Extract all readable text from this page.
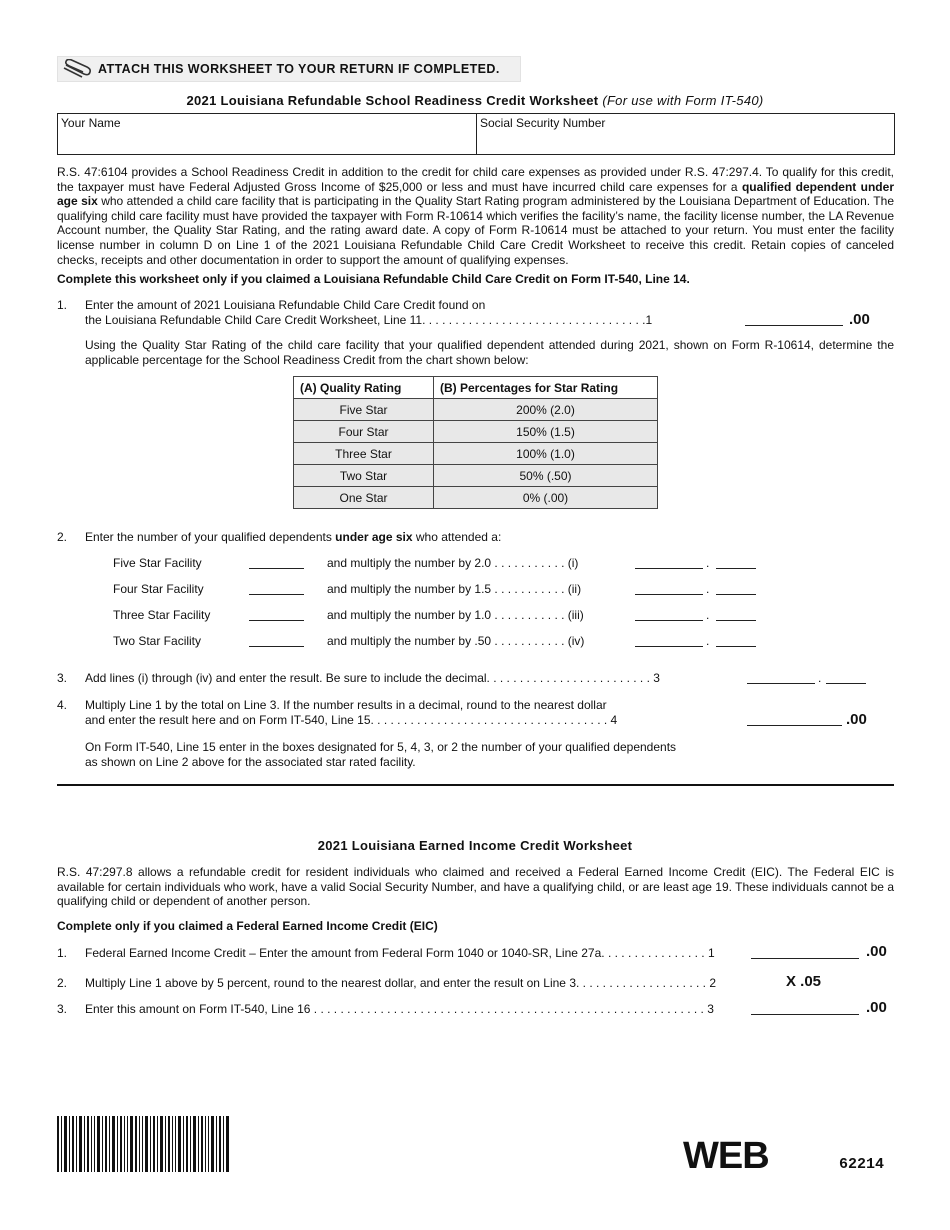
ATTACH THIS WORKSHEET TO YOUR RETURN IF COMPLETED.
2021 Louisiana Refundable School Readiness Credit Worksheet (For use with Form IT-540)
Your Name	Social Security Number
R.S. 47:6104 provides a School Readiness Credit in addition to the credit for child care expenses as provided under R.S. 47:297.4. To qualify for this credit, the taxpayer must have Federal Adjusted Gross Income of $25,000 or less and must have incurred child care expenses for a qualified dependent under age six who attended a child care facility that is participating in the Quality Start Rating program administered by the Louisiana Department of Education. The qualifying child care facility must have provided the taxpayer with Form R-10614 which verifies the facility’s name, the facility license number, the LA Revenue Account number, the Quality Star Rating, and the rating award date. A copy of Form R-10614 must be attached to your return. You must enter the facility license number in column D on Line 1 of the 2021 Louisiana Refundable Child Care Credit Worksheet to receive this credit. Retain copies of canceled checks, receipts and other documentation in order to support the amount of qualifying expenses.
Complete this worksheet only if you claimed a Louisiana Refundable Child Care Credit on Form IT-540, Line 14.
1. Enter the amount of 2021 Louisiana Refundable Child Care Credit found on
the Louisiana Refundable Child Care Credit Worksheet, Line 11. . . . . . . . . . . . . . . . . . . . . . . . . . . . . . . . . .1	.00
Using the Quality Star Rating of the child care facility that your qualified dependent attended during 2021, shown on Form R-10614, determine the applicable percentage for the School Readiness Credit from the chart shown below:
(A) Quality Rating	(B) Percentages for Star Rating
Five Star	200% (2.0)
Four Star	150% (1.5)
Three Star	100% (1.0)
Two Star	50% (.50)
One Star	0% (.00)
2. Enter the number of your qualified dependents under age six who attended a:
Five Star Facility	and multiply the number by 2.0 . . . . . . . . . . . (i)	.
Four Star Facility	and multiply the number by 1.5 . . . . . . . . . . . (ii)	.
Three Star Facility	and multiply the number by 1.0 . . . . . . . . . . . (iii)	.
Two Star Facility	and multiply the number by .50 . . . . . . . . . . . (iv)	.
3. Add lines (i) through (iv) and enter the result. Be sure to include the decimal. . . . . . . . . . . . . . . . . . . . . . . . . 3	.
4. Multiply Line 1 by the total on Line 3. If the number results in a decimal, round to the nearest dollar
and enter the result here and on Form IT-540, Line 15. . . . . . . . . . . . . . . . . . . . . . . . . . . . . . . . . . . . 4	.00
On Form IT-540, Line 15 enter in the boxes designated for 5, 4, 3, or 2 the number of your qualified dependents
as shown on Line 2 above for the associated star rated facility.
2021 Louisiana Earned Income Credit Worksheet
R.S. 47:297.8 allows a refundable credit for resident individuals who claimed and received a Federal Earned Income Credit (EIC). The Federal EIC is available for certain individuals who work, have a valid Social Security Number, and have a qualifying child, or are least age 19. These individuals cannot be a qualifying child or dependent of another person.
Complete only if you claimed a Federal Earned Income Credit (EIC)
1. Federal Earned Income Credit – Enter the amount from Federal Form 1040 or 1040-SR, Line 27a. . . . . . . . . . . . . . . . 1	.00
2. Multiply Line 1 above by 5 percent, round to the nearest dollar, and enter the result on Line 3. . . . . . . . . . . . . . . . . . . . 2	X .05
3. Enter this amount on Form IT-540, Line 16 . . . . . . . . . . . . . . . . . . . . . . . . . . . . . . . . . . . . . . . . . . . . . . . . . . . . . . . . . . . 3	.00
WEB	62214
